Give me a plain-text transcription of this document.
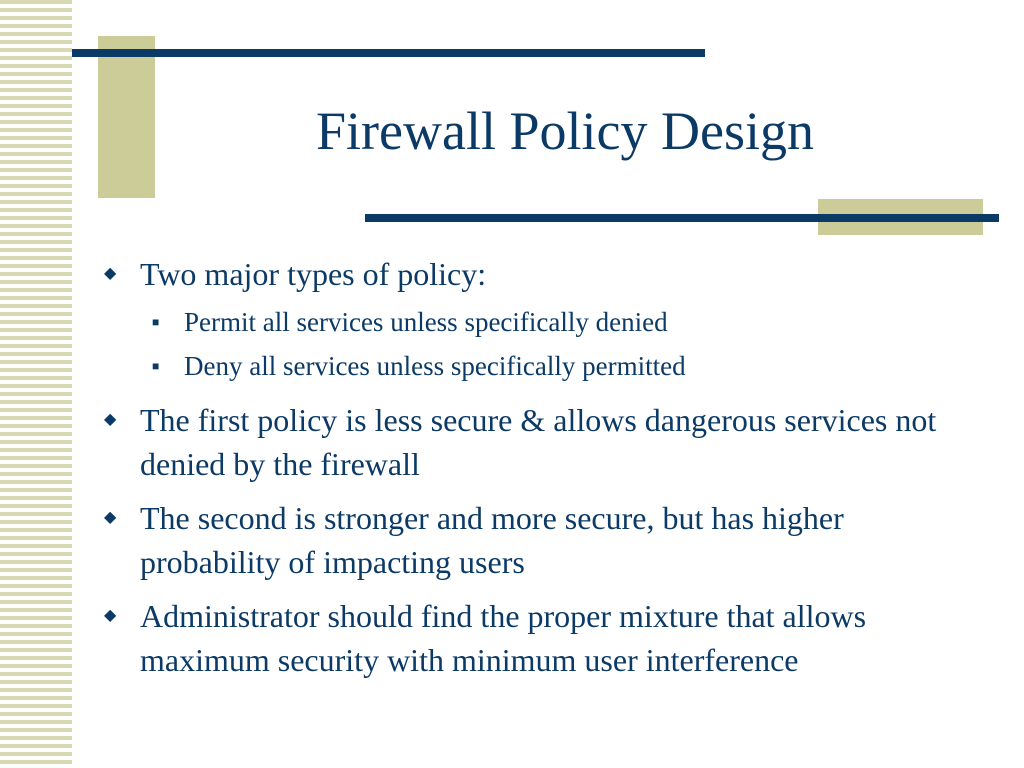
Firewall Policy Design

◆ Two major types of policy:

■ Permit all services unless specifically denied

■ Deny all services unless specifically permitted

◆ The first policy is less secure & allows dangerous services not denied by the firewall

◆ The second is stronger and more secure, but has higher probability of impacting users

◆ Administrator should find the proper mixture that allows maximum security with minimum user interference
